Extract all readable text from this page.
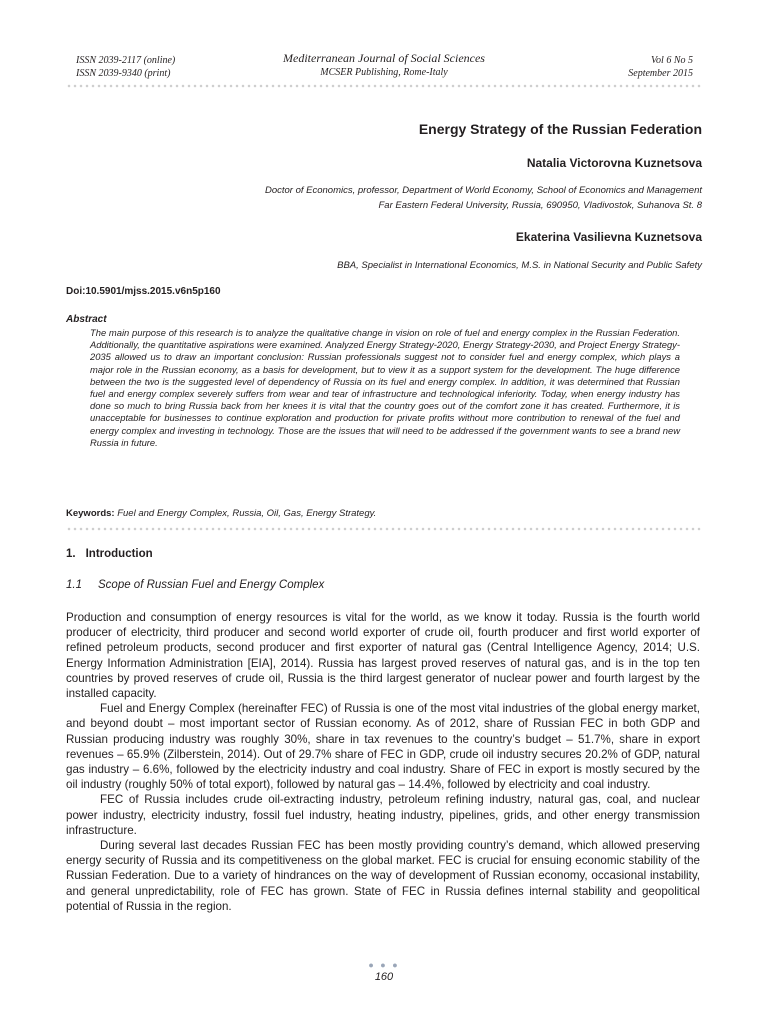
ISSN 2039-2117 (online)
ISSN 2039-9340 (print)
Mediterranean Journal of Social Sciences
MCSER Publishing, Rome-Italy
Vol 6 No 5
September 2015
Energy Strategy of the Russian Federation
Natalia Victorovna Kuznetsova
Doctor of Economics, professor, Department of World Economy, School of Economics and Management
Far Eastern Federal University, Russia, 690950, Vladivostok, Suhanova St. 8
Ekaterina Vasilievna Kuznetsova
BBA, Specialist in International Economics, M.S. in National Security and Public Safety
Doi:10.5901/mjss.2015.v6n5p160
Abstract
The main purpose of this research is to analyze the qualitative change in vision on role of fuel and energy complex in the Russian Federation. Additionally, the quantitative aspirations were examined. Analyzed Energy Strategy-2020, Energy Strategy-2030, and Project Energy Strategy-2035 allowed us to draw an important conclusion: Russian professionals suggest not to consider fuel and energy complex, which plays a major role in the Russian economy, as a basis for development, but to view it as a support system for the development. The huge difference between the two is the suggested level of dependency of Russia on its fuel and energy complex. In addition, it was determined that Russian fuel and energy complex severely suffers from wear and tear of infrastructure and technological inferiority. Today, when energy industry has done so much to bring Russia back from her knees it is vital that the country goes out of the comfort zone it has created. Furthermore, it is unacceptable for businesses to continue exploration and production for private profits without more contribution to renewal of the fuel and energy complex and investing in technology. Those are the issues that will need to be addressed if the government wants to see a brand new Russia in future.
Keywords: Fuel and Energy Complex, Russia, Oil, Gas, Energy Strategy.
1. Introduction
1.1 Scope of Russian Fuel and Energy Complex

Production and consumption of energy resources is vital for the world, as we know it today. Russia is the fourth world producer of electricity, third producer and second world exporter of crude oil, fourth producer and first world exporter of refined petroleum products, second producer and first exporter of natural gas (Central Intelligence Agency, 2014; U.S. Energy Information Administration [EIA], 2014). Russia has largest proved reserves of natural gas, and is in the top ten countries by proved reserves of crude oil, Russia is the third largest generator of nuclear power and fourth largest by the installed capacity.

Fuel and Energy Complex (hereinafter FEC) of Russia is one of the most vital industries of the global energy market, and beyond doubt – most important sector of Russian economy. As of 2012, share of Russian FEC in both GDP and Russian producing industry was roughly 30%, share in tax revenues to the country’s budget – 51.7%, share in export revenues – 65.9% (Zilberstein, 2014). Out of 29.7% share of FEC in GDP, crude oil industry secures 20.2% of GDP, natural gas industry – 6.6%, followed by the electricity industry and coal industry. Share of FEC in export is mostly secured by the oil industry (roughly 50% of total export), followed by natural gas – 14.4%, followed by electricity and coal industry.

FEC of Russia includes crude oil-extracting industry, petroleum refining industry, natural gas, coal, and nuclear power industry, electricity industry, fossil fuel industry, heating industry, pipelines, grids, and other energy transmission infrastructure.

During several last decades Russian FEC has been mostly providing country’s demand, which allowed preserving energy security of Russia and its competitiveness on the global market. FEC is crucial for ensuing economic stability of the Russian Federation. Due to a variety of hindrances on the way of development of Russian economy, occasional instability, and general unpredictability, role of FEC has grown. State of FEC in Russia defines internal stability and geopolitical potential of Russia in the region.

● ● ●
160
